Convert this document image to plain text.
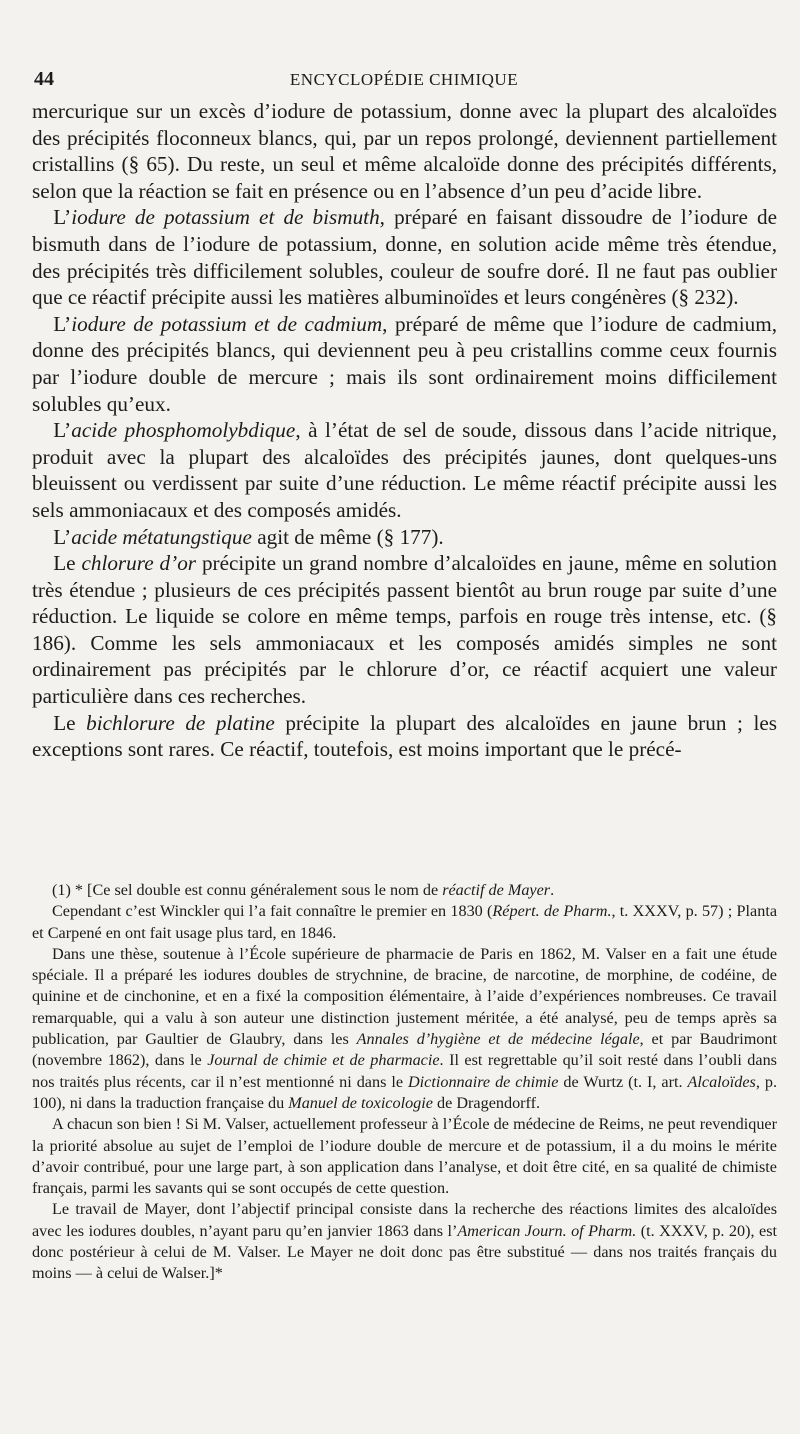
44	ENCYCLOPÉDIE CHIMIQUE

mercurique sur un excès d’iodure de potassium, donne avec la plupart des alcaloïdes des précipités floconneux blancs, qui, par un repos prolongé, deviennent partiellement cristallins (§ 65). Du reste, un seul et même alcaloïde donne des précipités différents, selon que la réaction se fait en présence ou en l’absence d’un peu d’acide libre.

 L’iodure de potassium et de bismuth, préparé en faisant dissoudre de l’iodure de bismuth dans de l’iodure de potassium, donne, en solution acide même très étendue, des précipités très difficilement solubles, couleur de soufre doré. Il ne faut pas oublier que ce réactif précipite aussi les matières albuminoïdes et leurs congénères (§ 232).

 L’iodure de potassium et de cadmium, préparé de même que l’iodure de cadmium, donne des précipités blancs, qui deviennent peu à peu cristallins comme ceux fournis par l’iodure double de mercure ; mais ils sont ordinairement moins difficilement solubles qu’eux.

 L’acide phosphomolybdique, à l’état de sel de soude, dissous dans l’acide nitrique, produit avec la plupart des alcaloïdes des précipités jaunes, dont quelques-uns bleuissent ou verdissent par suite d’une réduction. Le même réactif précipite aussi les sels ammoniacaux et des composés amidés.

 L’acide métatungstique agit de même (§ 177).

 Le chlorure d’or précipite un grand nombre d’alcaloïdes en jaune, même en solution très étendue ; plusieurs de ces précipités passent bientôt au brun rouge par suite d’une réduction. Le liquide se colore en même temps, parfois en rouge très intense, etc. (§ 186). Comme les sels ammoniacaux et les composés amidés simples ne sont ordinairement pas précipités par le chlorure d’or, ce réactif acquiert une valeur particulière dans ces recherches.

 Le bichlorure de platine précipite la plupart des alcaloïdes en jaune brun ; les exceptions sont rares. Ce réactif, toutefois, est moins important que le précé-

(1) * [Ce sel double est connu généralement sous le nom de réactif de Mayer.

Cependant c’est Winckler qui l’a fait connaître le premier en 1830 (Répert. de Pharm., t. XXXV, p. 57) ; Planta et Carpené en ont fait usage plus tard, en 1846.

Dans une thèse, soutenue à l’École supérieure de pharmacie de Paris en 1862, M. Valser en a fait une étude spéciale. Il a préparé les iodures doubles de strychnine, de bracine, de narcotine, de morphine, de codéine, de quinine et de cinchonine, et en a fixé la composition élémentaire, à l’aide d’expériences nombreuses. Ce travail remarquable, qui a valu à son auteur une distinction justement méritée, a été analysé, peu de temps après sa publication, par Gaultier de Glaubry, dans les Annales d’hygiène et de médecine légale, et par Baudrimont (novembre 1862), dans le Journal de chimie et de pharmacie. Il est regrettable qu’il soit resté dans l’oubli dans nos traités plus récents, car il n’est mentionné ni dans le Dictionnaire de chimie de Wurtz (t. I, art. Alcaloïdes, p. 100), ni dans la traduction française du Manuel de toxicologie de Dragendorff.

A chacun son bien ! Si M. Valser, actuellement professeur à l’École de médecine de Reims, ne peut revendiquer la priorité absolue au sujet de l’emploi de l’iodure double de mercure et de potassium, il a du moins le mérite d’avoir contribué, pour une large part, à son application dans l’analyse, et doit être cité, en sa qualité de chimiste français, parmi les savants qui se sont occupés de cette question.

Le travail de Mayer, dont l’abjectif principal consiste dans la recherche des réactions limites des alcaloïdes avec les iodures doubles, n’ayant paru qu’en janvier 1863 dans l’American Journ. of Pharm. (t. XXXV, p. 20), est donc postérieur à celui de M. Valser. Le Mayer ne doit donc pas être substitué — dans nos traités français du moins — à celui de Walser.]*
